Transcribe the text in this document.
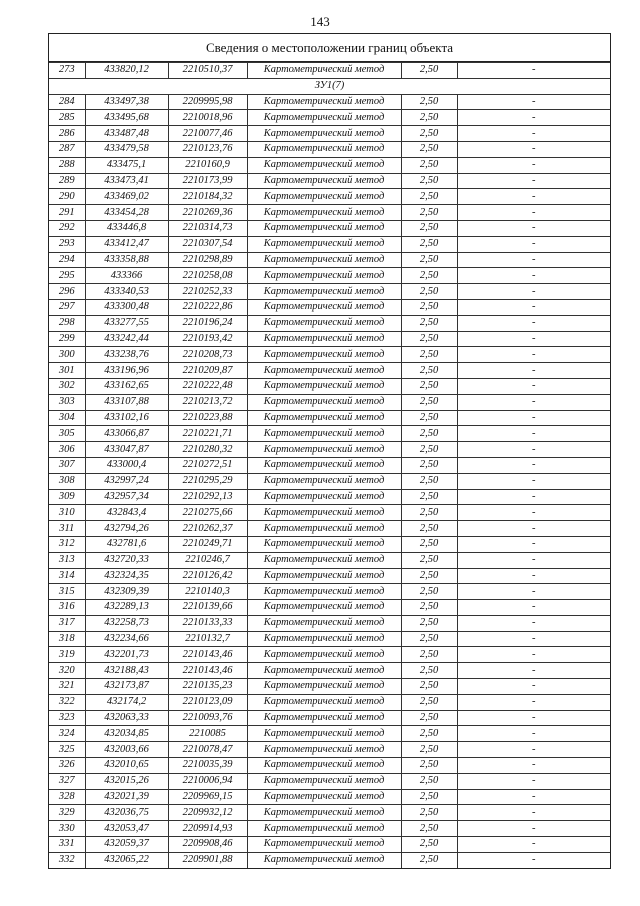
143
Сведения о местоположении границ объекта
273	433820,12	2210510,37	Картометрический метод	2,50	-
ЗУ1(7)					
284	433497,38	2209995,98	Картометрический метод	2,50	-
285	433495,68	2210018,96	Картометрический метод	2,50	-
286	433487,48	2210077,46	Картометрический метод	2,50	-
287	433479,58	2210123,76	Картометрический метод	2,50	-
288	433475,1	2210160,9	Картометрический метод	2,50	-
289	433473,41	2210173,99	Картометрический метод	2,50	-
290	433469,02	2210184,32	Картометрический метод	2,50	-
291	433454,28	2210269,36	Картометрический метод	2,50	-
292	433446,8	2210314,73	Картометрический метод	2,50	-
293	433412,47	2210307,54	Картометрический метод	2,50	-
294	433358,88	2210298,89	Картометрический метод	2,50	-
295	433366	2210258,08	Картометрический метод	2,50	-
296	433340,53	2210252,33	Картометрический метод	2,50	-
297	433300,48	2210222,86	Картометрический метод	2,50	-
298	433277,55	2210196,24	Картометрический метод	2,50	-
299	433242,44	2210193,42	Картометрический метод	2,50	-
300	433238,76	2210208,73	Картометрический метод	2,50	-
301	433196,96	2210209,87	Картометрический метод	2,50	-
302	433162,65	2210222,48	Картометрический метод	2,50	-
303	433107,88	2210213,72	Картометрический метод	2,50	-
304	433102,16	2210223,88	Картометрический метод	2,50	-
305	433066,87	2210221,71	Картометрический метод	2,50	-
306	433047,87	2210280,32	Картометрический метод	2,50	-
307	433000,4	2210272,51	Картометрический метод	2,50	-
308	432997,24	2210295,29	Картометрический метод	2,50	-
309	432957,34	2210292,13	Картометрический метод	2,50	-
310	432843,4	2210275,66	Картометрический метод	2,50	-
311	432794,26	2210262,37	Картометрический метод	2,50	-
312	432781,6	2210249,71	Картометрический метод	2,50	-
313	432720,33	2210246,7	Картометрический метод	2,50	-
314	432324,35	2210126,42	Картометрический метод	2,50	-
315	432309,39	2210140,3	Картометрический метод	2,50	-
316	432289,13	2210139,66	Картометрический метод	2,50	-
317	432258,73	2210133,33	Картометрический метод	2,50	-
318	432234,66	2210132,7	Картометрический метод	2,50	-
319	432201,73	2210143,46	Картометрический метод	2,50	-
320	432188,43	2210143,46	Картометрический метод	2,50	-
321	432173,87	2210135,23	Картометрический метод	2,50	-
322	432174,2	2210123,09	Картометрический метод	2,50	-
323	432063,33	2210093,76	Картометрический метод	2,50	-
324	432034,85	2210085	Картометрический метод	2,50	-
325	432003,66	2210078,47	Картометрический метод	2,50	-
326	432010,65	2210035,39	Картометрический метод	2,50	-
327	432015,26	2210006,94	Картометрический метод	2,50	-
328	432021,39	2209969,15	Картометрический метод	2,50	-
329	432036,75	2209932,12	Картометрический метод	2,50	-
330	432053,47	2209914,93	Картометрический метод	2,50	-
331	432059,37	2209908,46	Картометрический метод	2,50	-
332	432065,22	2209901,88	Картометрический метод	2,50	-
